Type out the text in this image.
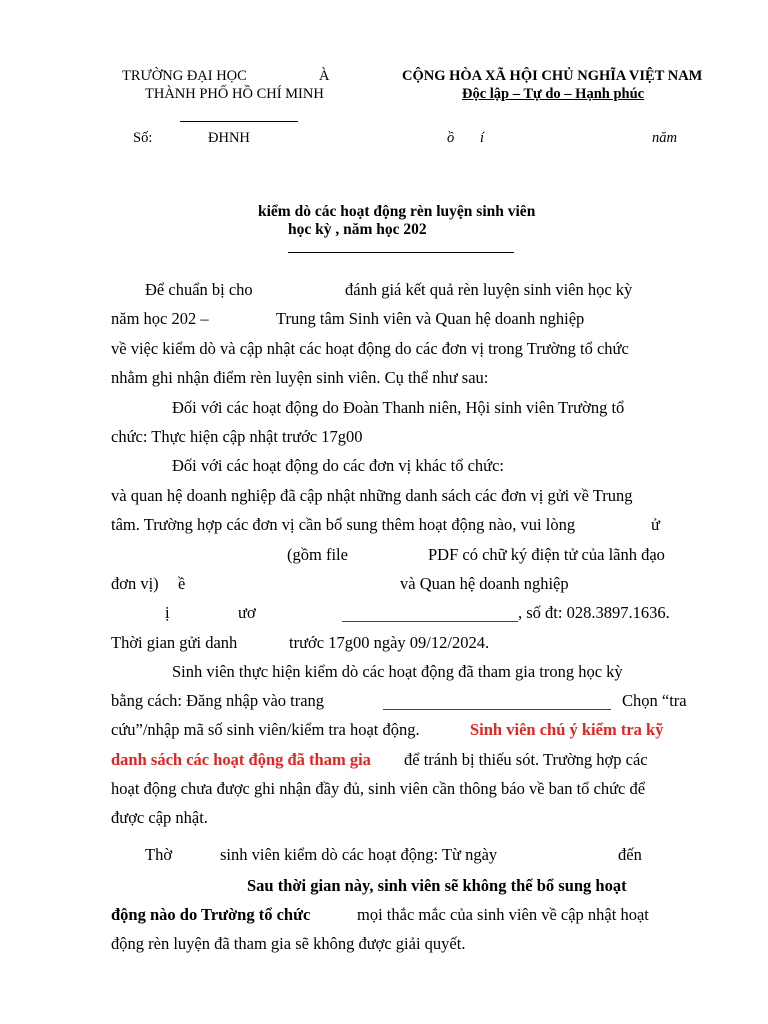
TRƯỜNG ĐẠI HỌC	À
THÀNH PHỐ HỒ CHÍ MINH
CỘNG HÒA XÃ HỘI CHỦ NGHĨA VIỆT NAM
Độc lập – Tự do – Hạnh phúc
Số:	ĐHNH	ồ í	năm
kiểm dò các hoạt động rèn luyện sinh viên
học kỳ , năm học 202
Để chuẩn bị cho	đánh giá kết quả rèn luyện sinh viên học kỳ
năm học 202 –	Trung tâm Sinh viên và Quan hệ doanh nghiệp
về việc kiểm dò và cập nhật các hoạt động do các đơn vị trong Trường tổ chức
nhằm ghi nhận điểm rèn luyện sinh viên. Cụ thể như sau:
Đối với các hoạt động do Đoàn Thanh niên, Hội sinh viên Trường tổ
chức: Thực hiện cập nhật trước 17g00
Đối với các hoạt động do các đơn vị khác tổ chức:
và quan hệ doanh nghiệp đã cập nhật những danh sách các đơn vị gửi về Trung
tâm. Trường hợp các đơn vị cần bổ sung thêm hoạt động nào, vui lòng	ử
(gồm file	PDF có chữ ký điện tử của lãnh đạo
đơn vị) ề	và Quan hệ doanh nghiệp
ị	ươ	, số đt: 028.3897.1636.
Thời gian gửi danh	trước 17g00 ngày 09/12/2024.
Sinh viên thực hiện kiểm dò các hoạt động đã tham gia trong học kỳ
bằng cách: Đăng nhập vào trang	Chọn “tra
cứu”/nhập mã số sinh viên/kiểm tra hoạt động.	Sinh viên chú ý kiểm tra kỹ
danh sách các hoạt động đã tham gia để tránh bị thiếu sót. Trường hợp các
hoạt động chưa được ghi nhận đầy đủ, sinh viên cần thông báo về ban tổ chức để
được cập nhật.
Thờ	sinh viên kiểm dò các hoạt động: Từ ngày	đến
Sau thời gian này, sinh viên sẽ không thể bổ sung hoạt
động nào do Trường tổ chức	mọi thắc mắc của sinh viên về cập nhật hoạt
động rèn luyện đã tham gia sẽ không được giải quyết.
